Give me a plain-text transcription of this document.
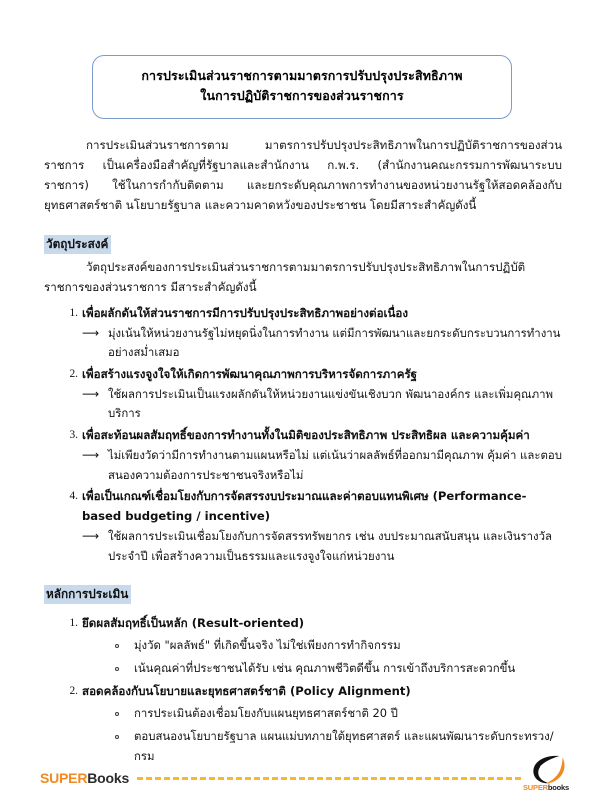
การประเมินส่วนราชการตามมาตรการปรับปรุงประสิทธิภาพ
ในการปฏิบัติราชการของส่วนราชการ

การประเมินส่วนราชการตาม มาตรการปรับปรุงประสิทธิภาพในการปฏิบัติราชการของส่วนราชการ เป็นเครื่องมือสำคัญที่รัฐบาลและสำนักงาน ก.พ.ร. (สำนักงานคณะกรรมการพัฒนาระบบราชการ) ใช้ในการกำกับติดตาม และยกระดับคุณภาพการทำงานของหน่วยงานรัฐให้สอดคล้องกับยุทธศาสตร์ชาติ นโยบายรัฐบาล และความคาดหวังของประชาชน โดยมีสาระสำคัญดังนี้

วัตถุประสงค์

วัตถุประสงค์ของการประเมินส่วนราชการตามมาตรการปรับปรุงประสิทธิภาพในการปฏิบัติราชการของส่วนราชการ มีสาระสำคัญดังนี้

เพื่อผลักดันให้ส่วนราชการมีการปรับปรุงประสิทธิภาพอย่างต่อเนื่อง
⟶ มุ่งเน้นให้หน่วยงานรัฐไม่หยุดนิ่งในการทำงาน แต่มีการพัฒนาและยกระดับกระบวนการทำงานอย่างสม่ำเสมอ
เพื่อสร้างแรงจูงใจให้เกิดการพัฒนาคุณภาพการบริหารจัดการภาครัฐ
⟶ ใช้ผลการประเมินเป็นแรงผลักดันให้หน่วยงานแข่งขันเชิงบวก พัฒนาองค์กร และเพิ่มคุณภาพบริการ
เพื่อสะท้อนผลสัมฤทธิ์ของการทำงานทั้งในมิติของประสิทธิภาพ ประสิทธิผล และความคุ้มค่า
⟶ ไม่เพียงวัดว่ามีการทำงานตามแผนหรือไม่ แต่เน้นว่าผลลัพธ์ที่ออกมามีคุณภาพ คุ้มค่า และตอบสนองความต้องการประชาชนจริงหรือไม่
เพื่อเป็นเกณฑ์เชื่อมโยงกับการจัดสรรงบประมาณและค่าตอบแทนพิเศษ (Performance-based budgeting / incentive)
⟶ ใช้ผลการประเมินเชื่อมโยงกับการจัดสรรทรัพยากร เช่น งบประมาณสนับสนุน และเงินรางวัลประจำปี เพื่อสร้างความเป็นธรรมและแรงจูงใจแก่หน่วยงาน
หลักการประเมิน
ยึดผลสัมฤทธิ์เป็นหลัก (Result-oriented)
มุ่งวัด "ผลลัพธ์" ที่เกิดขึ้นจริง ไม่ใช่เพียงการทำกิจกรรม
เน้นคุณค่าที่ประชาชนได้รับ เช่น คุณภาพชีวิตดีขึ้น การเข้าถึงบริการสะดวกขึ้น
สอดคล้องกับนโยบายและยุทธศาสตร์ชาติ (Policy Alignment)
การประเมินต้องเชื่อมโยงกับแผนยุทธศาสตร์ชาติ 20 ปี
ตอบสนองนโยบายรัฐบาล แผนแม่บทภายใต้ยุทธศาสตร์ และแผนพัฒนาระดับกระทรวง/กรม
SUPERBooks
SUPERbooks
